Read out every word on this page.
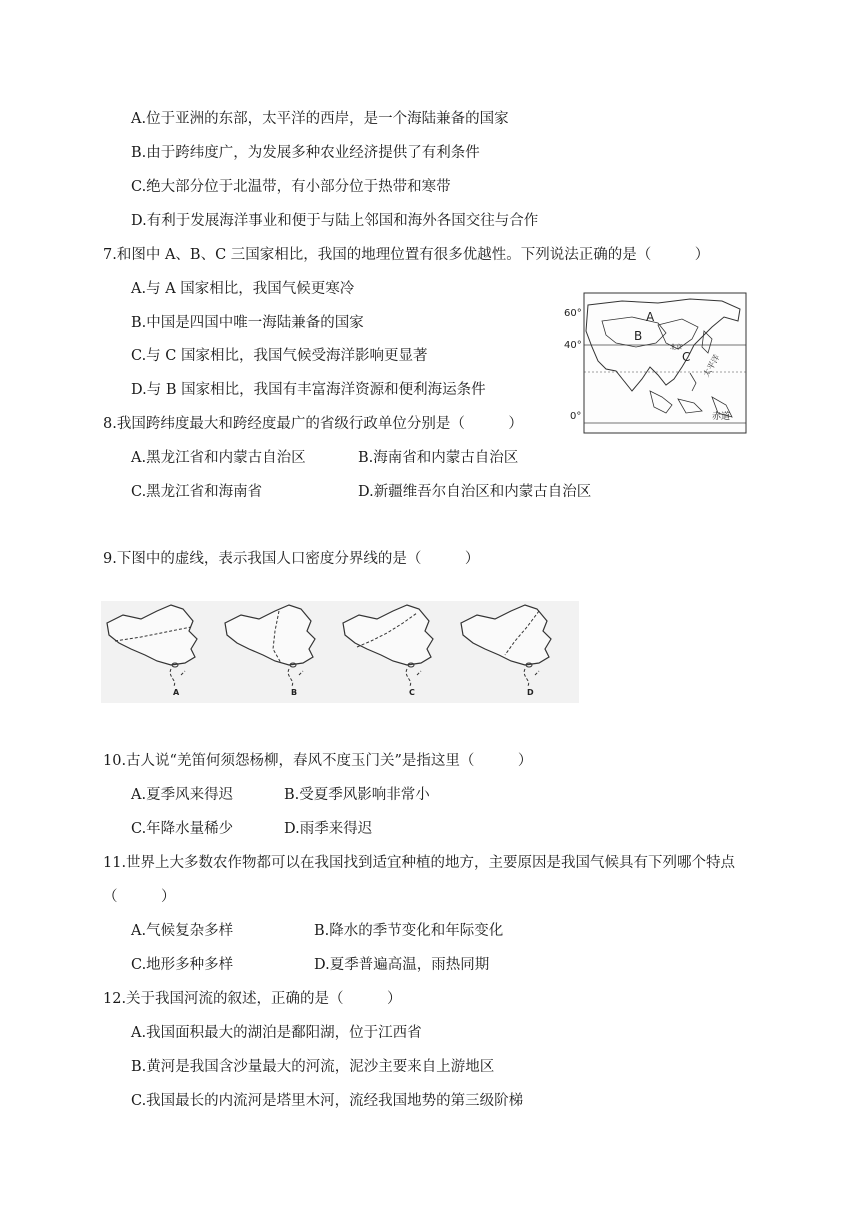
A.位于亚洲的东部，太平洋的西岸，是一个海陆兼备的国家
B.由于跨纬度广，为发展多种农业经济提供了有利条件
C.绝大部分位于北温带，有小部分位于热带和寒带
D.有利于发展海洋事业和便于与陆上邻国和海外各国交往与合作
7.和图中 A、B、C 三国家相比，我国的地理位置有很多优越性。下列说法正确的是（　　　）
A.与 A 国家相比，我国气候更寒冷
B.中国是四国中唯一海陆兼备的国家
C.与 C 国家相比，我国气候受海洋影响更显著
D.与 B 国家相比，我国有丰富海洋资源和便利海运条件
60°
40°
0°
A
B
C
北京
太平洋
赤道
8.我国跨纬度最大和跨经度最广的省级行政单位分别是（　　　）
A.黑龙江省和内蒙古自治区	B.海南省和内蒙古自治区
C.黑龙江省和海南省	D.新疆维吾尔自治区和内蒙古自治区
9.下图中的虚线，表示我国人口密度分界线的是（　　　）
A	B	C	D
10.古人说“羌笛何须怨杨柳，春风不度玉门关”是指这里（　　　）
A.夏季风来得迟	B.受夏季风影响非常小
C.年降水量稀少	D.雨季来得迟
11.世界上大多数农作物都可以在我国找到适宜种植的地方，主要原因是我国气候具有下列哪个特点
（　　　）
A.气候复杂多样	B.降水的季节变化和年际变化
C.地形多种多样	D.夏季普遍高温，雨热同期
12.关于我国河流的叙述，正确的是（　　　）
A.我国面积最大的湖泊是鄱阳湖，位于江西省
B.黄河是我国含沙量最大的河流，泥沙主要来自上游地区
C.我国最长的内流河是塔里木河，流经我国地势的第三级阶梯
